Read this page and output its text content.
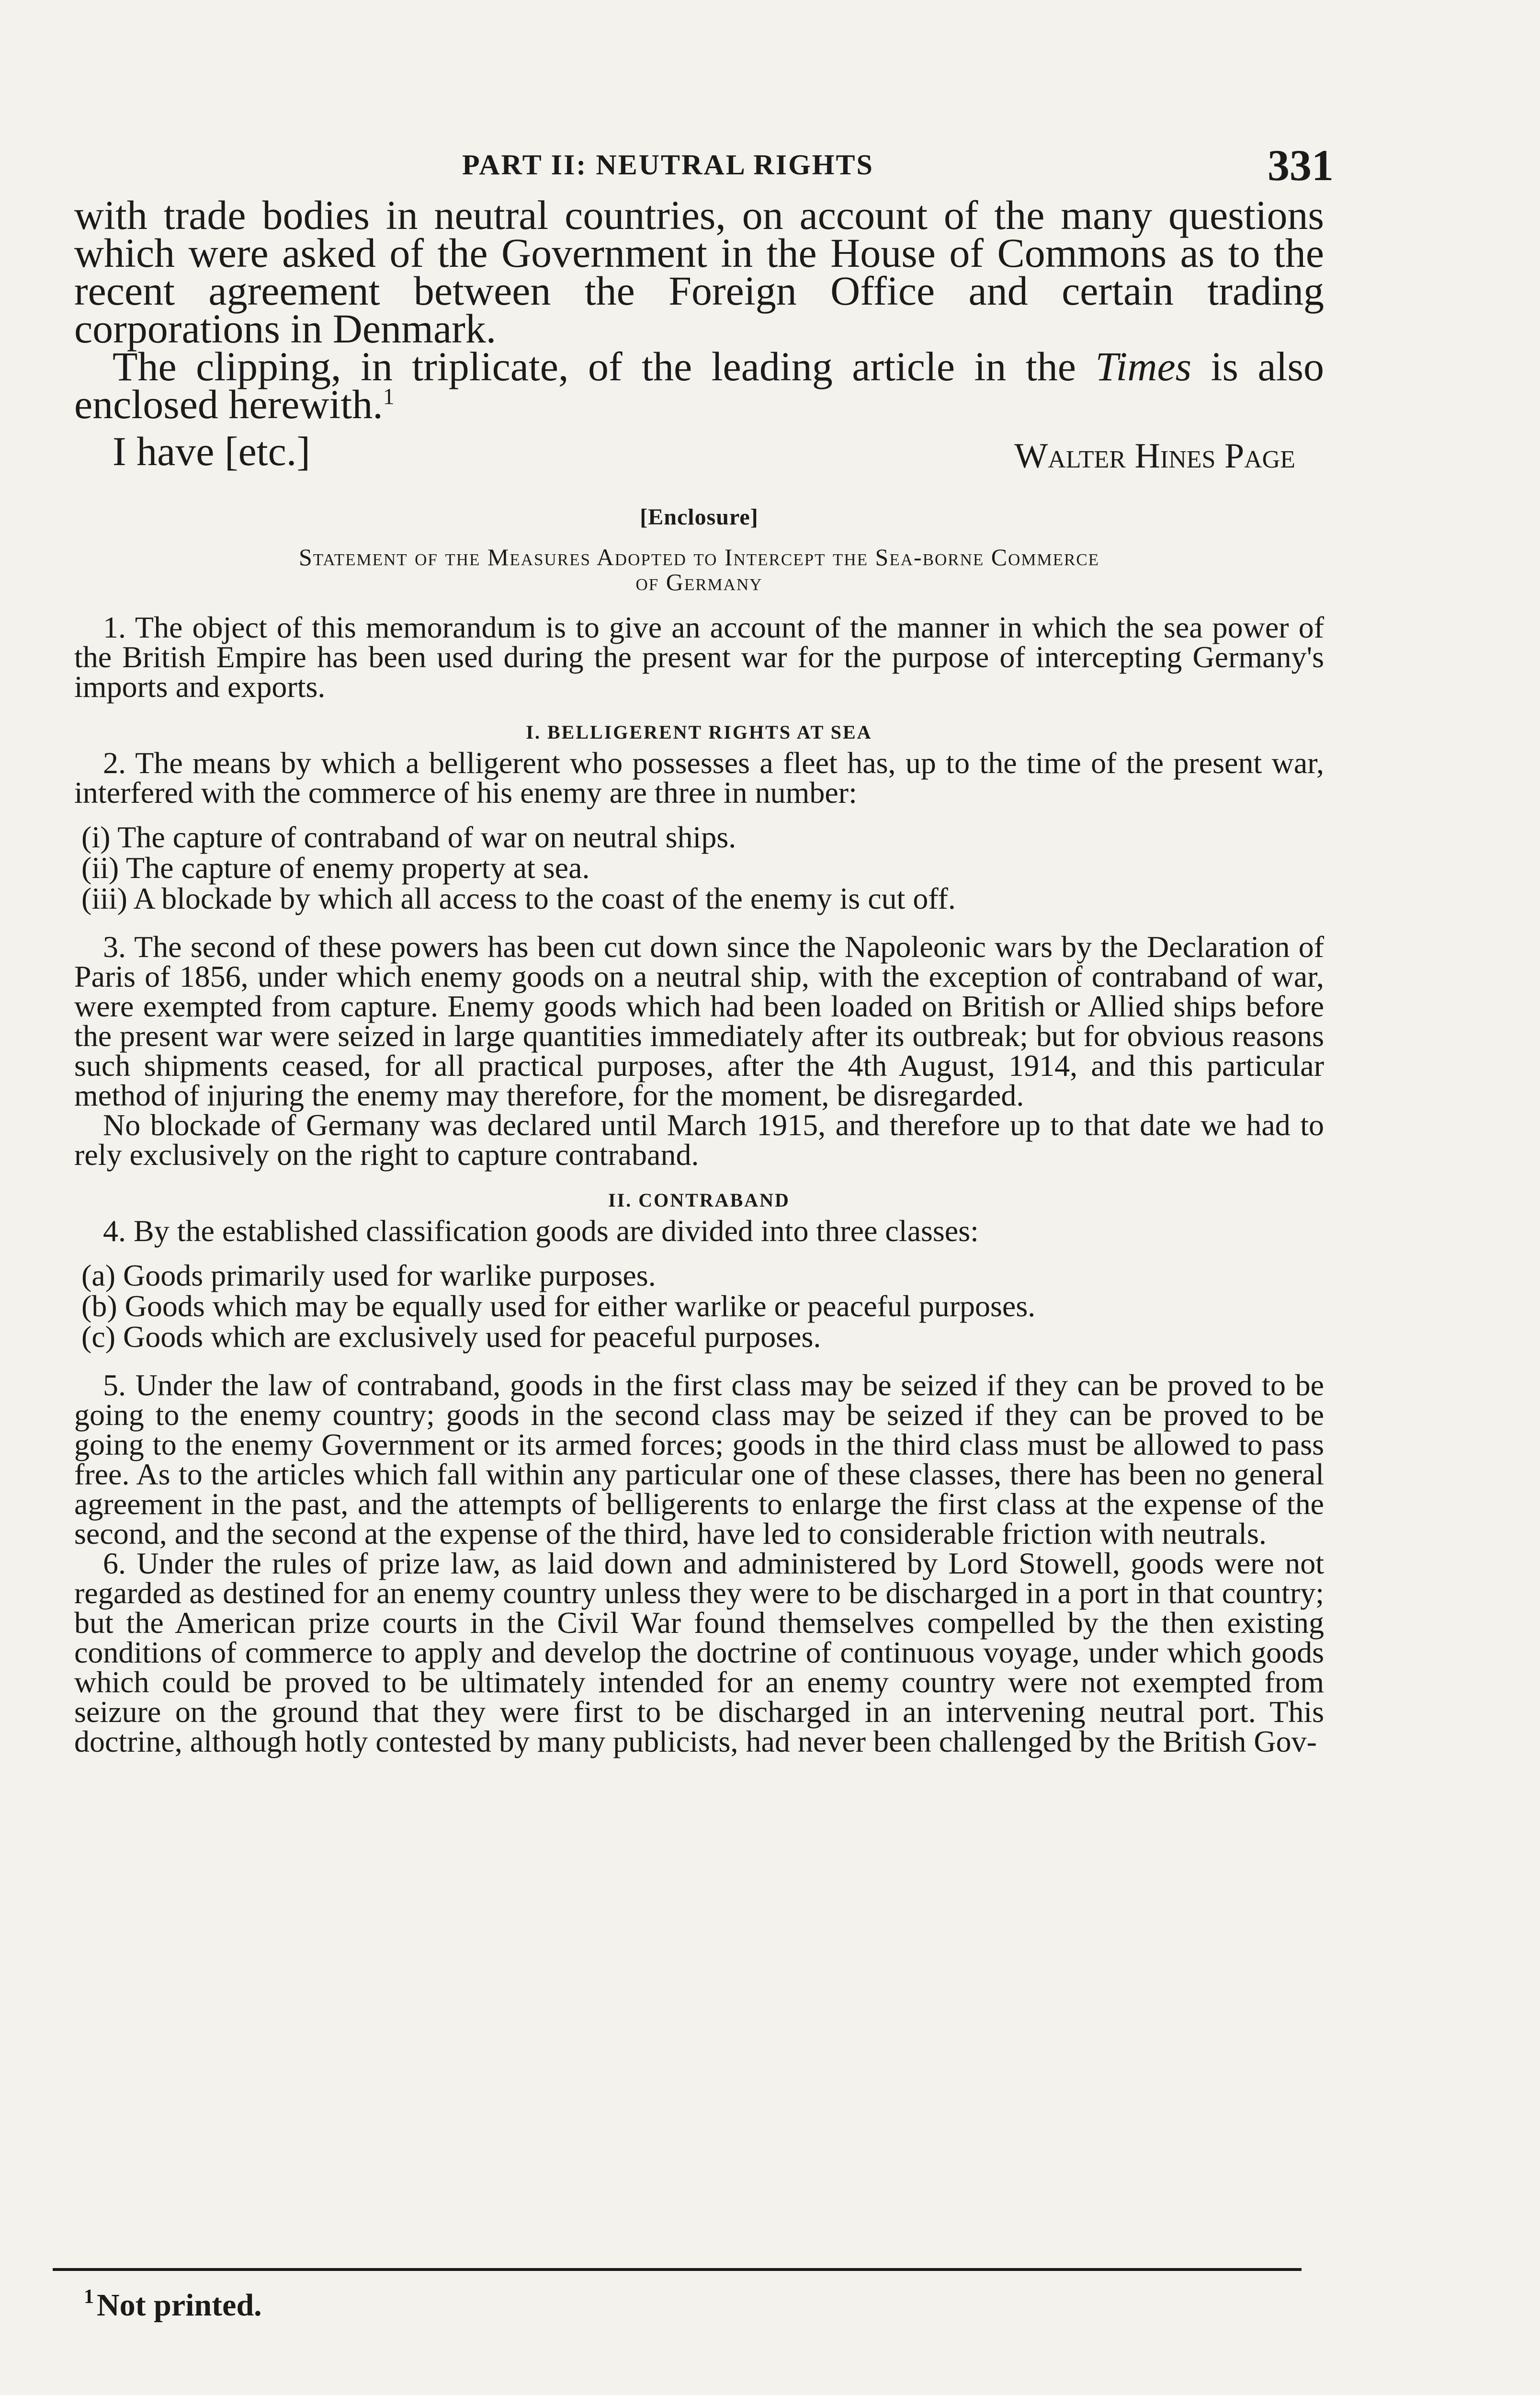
PART II: NEUTRAL RIGHTS	331

with trade bodies in neutral countries, on account of the many questions which were asked of the Government in the House of Commons as to the recent agreement between the Foreign Office and certain trading corporations in Denmark.

The clipping, in triplicate, of the leading article in the Times is also enclosed herewith.$^1$

I have [etc.]	Walter Hines Page
[Enclosure]
Statement of the Measures Adopted to Intercept the Sea-borne Commerce
of Germany

1. The object of this memorandum is to give an account of the manner in which the sea power of the British Empire has been used during the present war for the purpose of intercepting Germany's imports and exports.

I. BELLIGERENT RIGHTS AT SEA

2. The means by which a belligerent who possesses a fleet has, up to the time of the present war, interfered with the commerce of his enemy are three in number:

(i) The capture of contraband of war on neutral ships.

(ii) The capture of enemy property at sea.

(iii) A blockade by which all access to the coast of the enemy is cut off.

3. The second of these powers has been cut down since the Napoleonic wars by the Declaration of Paris of 1856, under which enemy goods on a neutral ship, with the exception of contraband of war, were exempted from capture. Enemy goods which had been loaded on British or Allied ships before the present war were seized in large quantities immediately after its outbreak; but for obvious reasons such shipments ceased, for all practical purposes, after the 4th August, 1914, and this particular method of injuring the enemy may therefore, for the moment, be disregarded.

No blockade of Germany was declared until March 1915, and therefore up to that date we had to rely exclusively on the right to capture contraband.

II. CONTRABAND

4. By the established classification goods are divided into three classes:

(a) Goods primarily used for warlike purposes.

(b) Goods which may be equally used for either warlike or peaceful purposes.

(c) Goods which are exclusively used for peaceful purposes.

5. Under the law of contraband, goods in the first class may be seized if they can be proved to be going to the enemy country; goods in the second class may be seized if they can be proved to be going to the enemy Government or its armed forces; goods in the third class must be allowed to pass free. As to the articles which fall within any particular one of these classes, there has been no general agreement in the past, and the attempts of belligerents to enlarge the first class at the expense of the second, and the second at the expense of the third, have led to considerable friction with neutrals.

6. Under the rules of prize law, as laid down and administered by Lord Stowell, goods were not regarded as destined for an enemy country unless they were to be discharged in a port in that country; but the American prize courts in the Civil War found themselves compelled by the then existing conditions of commerce to apply and develop the doctrine of continuous voyage, under which goods which could be proved to be ultimately intended for an enemy country were not exempted from seizure on the ground that they were first to be discharged in an intervening neutral port. This doctrine, although hotly contested by many publicists, had never been challenged by the British Gov-

$^1$Not printed.
